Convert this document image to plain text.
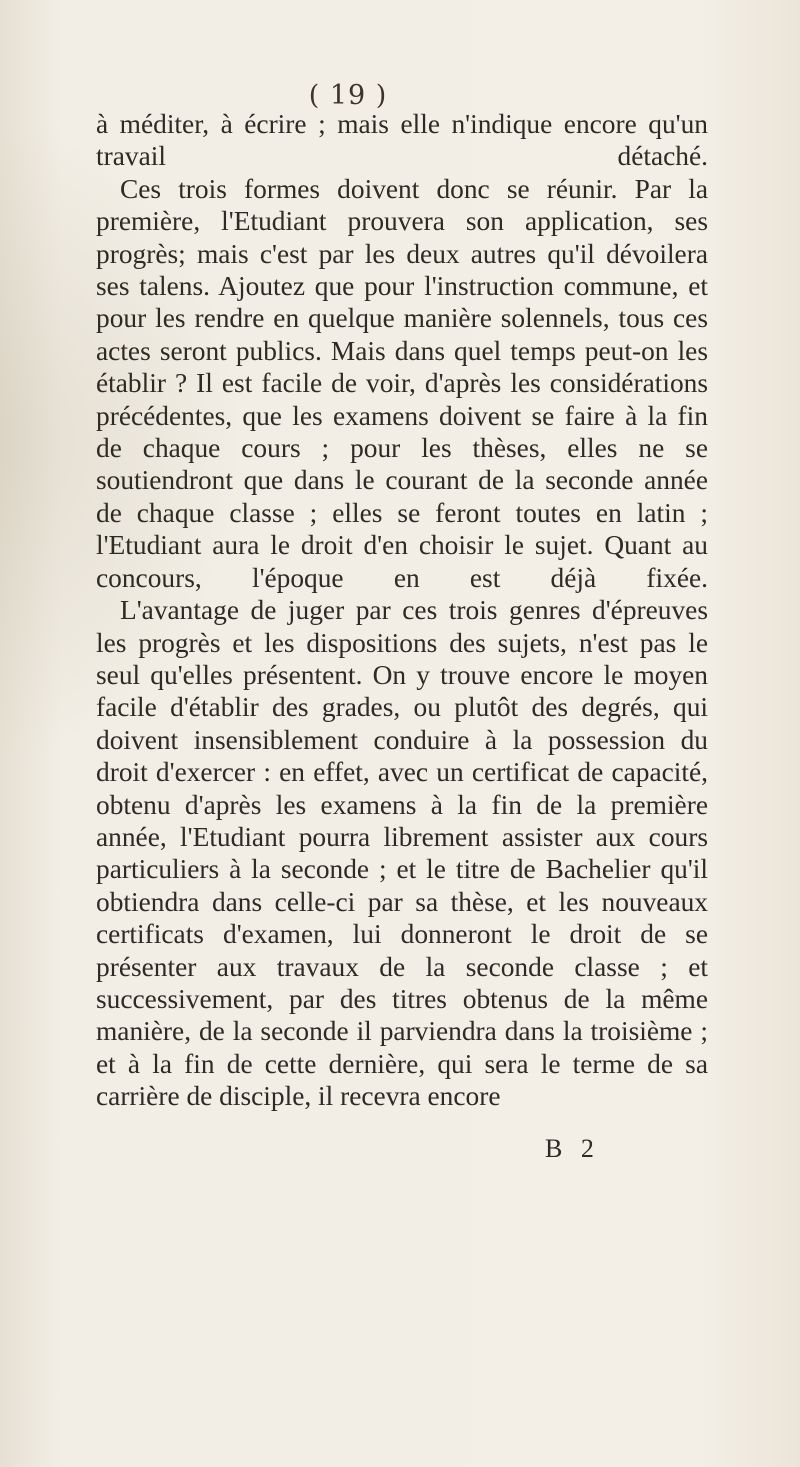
( 19 )

à méditer, à écrire ; mais elle n'indique encore qu'un travail détaché.

Ces trois formes doivent donc se réunir. Par la première, l'Etudiant prouvera son application, ses progrès; mais c'est par les deux autres qu'il dévoilera ses talens. Ajoutez que pour l'instruction commune, et pour les rendre en quelque manière solennels, tous ces actes seront publics. Mais dans quel temps peut-on les établir ? Il est facile de voir, d'après les considérations précédentes, que les examens doivent se faire à la fin de chaque cours ; pour les thèses, elles ne se soutiendront que dans le courant de la seconde année de chaque classe ; elles se feront toutes en latin ; l'Etudiant aura le droit d'en choisir le sujet. Quant au concours, l'époque en est déjà fixée.

L'avantage de juger par ces trois genres d'épreuves les progrès et les dispositions des sujets, n'est pas le seul qu'elles présentent. On y trouve encore le moyen facile d'établir des grades, ou plutôt des degrés, qui doivent insensiblement conduire à la possession du droit d'exercer : en effet, avec un certificat de capacité, obtenu d'après les examens à la fin de la première année, l'Etudiant pourra librement assister aux cours particuliers à la seconde ; et le titre de Bachelier qu'il obtiendra dans celle-ci par sa thèse, et les nouveaux certificats d'examen, lui donneront le droit de se présenter aux travaux de la seconde classe ; et successivement, par des titres obtenus de la même manière, de la seconde il parviendra dans la troisième ; et à la fin de cette dernière, qui sera le terme de sa carrière de disciple, il recevra encore

B 2
